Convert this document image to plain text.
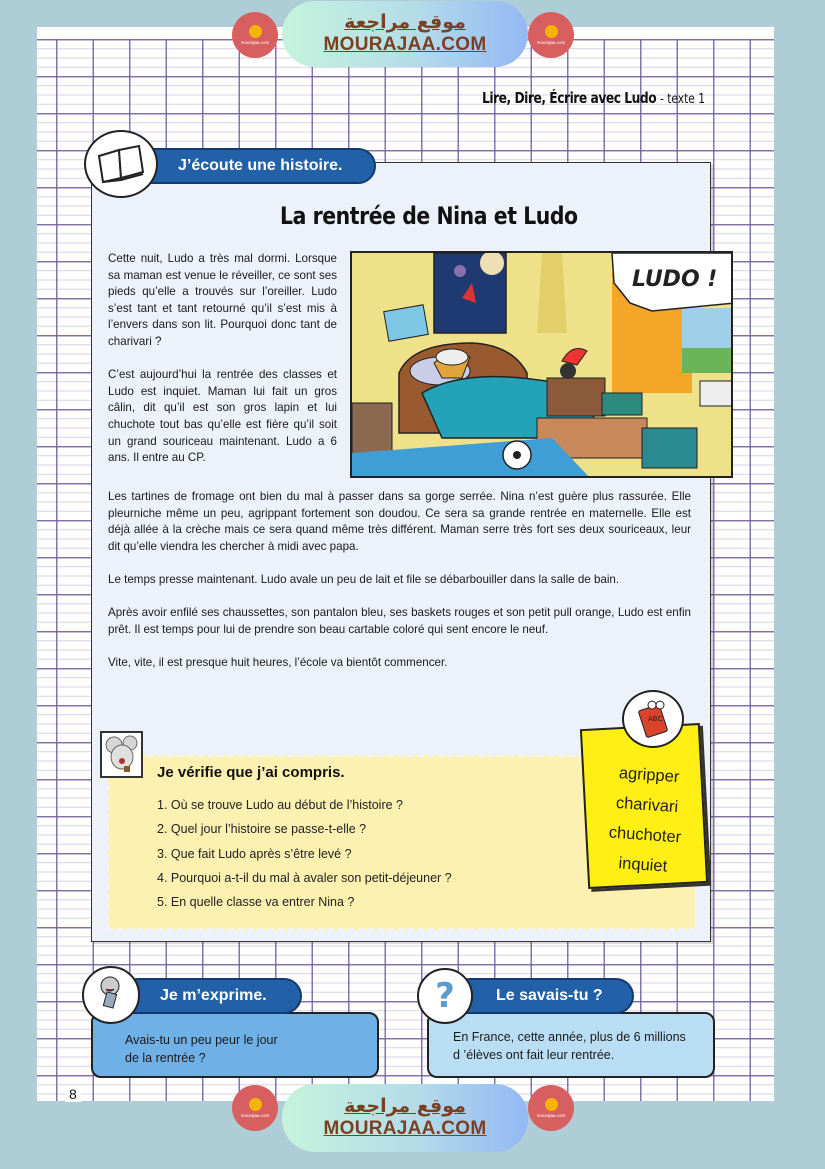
mourajaa.com
موقع مراجعة
MOURAJAA.COM	mourajaa.com
Lire, Dire, Écrire avec Ludo - texte 1
J’écoute une histoire.
La rentrée de Nina et Ludo

Cette nuit, Ludo a très mal dormi. Lorsque sa maman est venue le réveiller, ce sont ses pieds qu’elle a trouvés sur l’oreiller. Ludo s’est tant et tant retourné qu’il s’est mis à l’envers dans son lit. Pourquoi donc tant de charivari ?

C’est aujourd’hui la rentrée des classes et Ludo est inquiet. Maman lui fait un gros câlin, dit qu’il est son gros lapin et lui chuchote tout bas qu’elle est fière qu’il soit un grand souriceau maintenant. Ludo a 6 ans. Il entre au CP.

LUDO !

Les tartines de fromage ont bien du mal à passer dans sa gorge serrée. Nina n’est guère plus rassurée. Elle pleurniche même un peu, agrippant fortement son doudou. Ce sera sa grande rentrée en maternelle. Elle est déjà allée à la crèche mais ce sera quand même très différent. Maman serre très fort ses deux souriceaux, leur dit qu’elle viendra les chercher à midi avec papa.

Le temps presse maintenant. Ludo avale un peu de lait et file se débarbouiller dans la salle de bain.

Après avoir enfilé ses chaussettes, son pantalon bleu, ses baskets rouges et son petit pull orange, Ludo est enfin prêt. Il est temps pour lui de prendre son beau cartable coloré qui sent encore le neuf.

Vite, vite, il est presque huit heures, l’école va bientôt commencer.

Je vérifie que j’ai compris.
1. Où se trouve Ludo au début de l’histoire ?
2. Quel jour l’histoire se passe-t-elle ?
3. Que fait Ludo après s’être levé ?
4. Pourquoi a-t-il du mal à avaler son petit-déjeuner ?
5. En quelle classe va entrer Nina ?
ABC
agripper
charivari
chuchoter
inquiet
Avais-tu un peu peur le jour
de la rentrée ?
Je m’exprime.
En France, cette année, plus de 6 millions
d ’élèves ont fait leur rentrée.
Le savais-tu ?
?
8
mourajaa.com	موقع مراجعة
MOURAJAA.COM
mourajaa.com
